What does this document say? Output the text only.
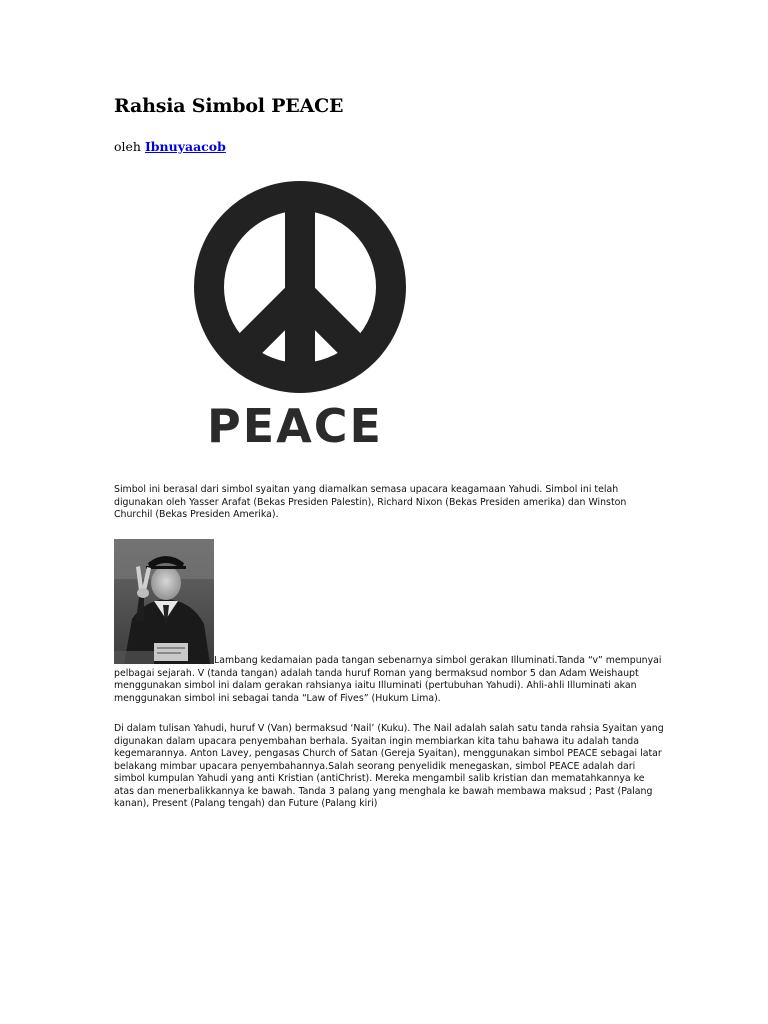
Rahsia Simbol PEACE
oleh Ibnuyaacob
PEACE

Simbol ini berasal dari simbol syaitan yang diamalkan semasa upacara keagamaan Yahudi. Simbol ini telah digunakan oleh Yasser Arafat (Bekas Presiden Palestin), Richard Nixon (Bekas Presiden amerika) dan Winston Churchil (Bekas Presiden Amerika).

Lambang kedamaian pada tangan sebenarnya simbol gerakan Illuminati.Tanda “v” mempunyai pelbagai sejarah. V (tanda tangan) adalah tanda huruf Roman yang bermaksud nombor 5 dan Adam Weishaupt menggunakan simbol ini dalam gerakan rahsianya iaitu Illuminati (pertubuhan Yahudi). Ahli-ahli Illuminati akan menggunakan simbol ini sebagai tanda “Law of Fives” (Hukum Lima).

Di dalam tulisan Yahudi, huruf V (Van) bermaksud ‘Nail’ (Kuku). The Nail adalah salah satu tanda rahsia Syaitan yang digunakan dalam upacara penyembahan berhala. Syaitan ingin membiarkan kita tahu bahawa itu adalah tanda kegemarannya. Anton Lavey, pengasas Church of Satan (Gereja Syaitan), menggunakan simbol PEACE sebagai latar belakang mimbar upacara penyembahannya.Salah seorang penyelidik menegaskan, simbol PEACE adalah dari simbol kumpulan Yahudi yang anti Kristian (antiChrist). Mereka mengambil salib kristian dan mematahkannya ke atas dan menerbalikkannya ke bawah. Tanda 3 palang yang menghala ke bawah membawa maksud ; Past (Palang kanan), Present (Palang tengah) dan Future (Palang kiri)
